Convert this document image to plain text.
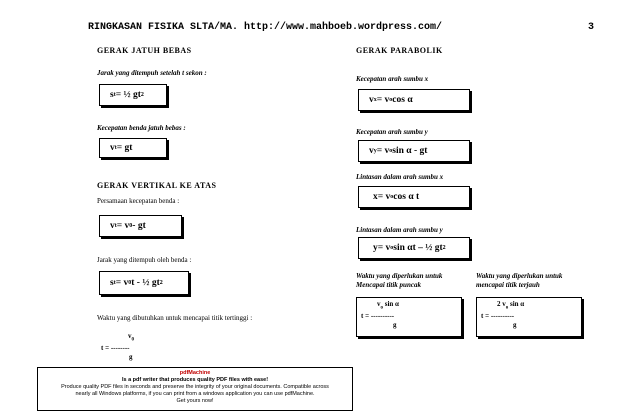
RINGKASAN FISIKA SLTA/MA. http://www.mahboeb.wordpress.com/	3
GERAK JATUH BEBAS
Jarak yang ditempuh setelah t sekon :
s t = ½ gt 2
Kecepatan benda jatuh bebas :
v t = gt
GERAK VERTIKAL KE ATAS
Persamaan kecepatan benda :
v t = v 0 - gt
Jarak yang ditempuh oleh benda :
s t = v 0 t - ½ gt 2
Waktu yang dibutuhkan untuk mencapai titik tertinggi :
$v_0$
t = --------
g
GERAK PARABOLIK
Kecepatan arah sumbu x
v x = v o cos α
Kecepatan arah sumbu y
v y = v o sin α - gt
Lintasan dalam arah sumbu x
x = v o cos α t
Lintasan dalam arah sumbu y
y = v o sin αt – ½ gt 2
Waktu yang diperlukan untuk
Mencapai titik puncak
$v_o$ sin α
t = ----------
g
Waktu yang diperlukan untuk
mencapai titik terjauh
2 $v_o$ sin α
t = ----------
g
pdfMachine
Is a pdf writer that produces quality PDF files with ease!
Produce quality PDF files in seconds and preserve the integrity of your original documents. Compatible across
nearly all Windows platforms, if you can print from a windows application you can use pdfMachine.
Get yours now!
